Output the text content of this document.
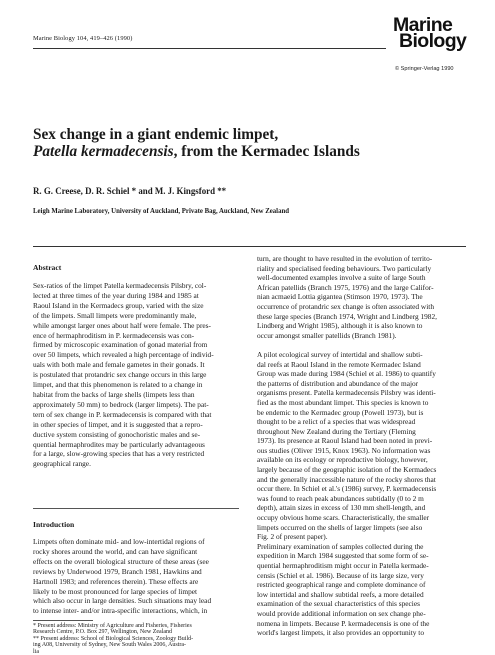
Marine Biology 104, 419–426 (1990)
Marine
Biology
© Springer-Verlag 1990
Sex change in a giant endemic limpet,
Patella kermadecensis, from the Kermadec Islands
R. G. Creese, D. R. Schiel * and M. J. Kingsford **
Leigh Marine Laboratory, University of Auckland, Private Bag, Auckland, New Zealand
Abstract
Sex-ratios of the limpet Patella kermadecensis Pilsbry, col-
lected at three times of the year during 1984 and 1985 at
Raoul Island in the Kermadecs group, varied with the size
of the limpets. Small limpets were predominantly male,
while amongst larger ones about half were female. The pres-
ence of hermaphroditism in P. kermadecensis was con-
firmed by microscopic examination of gonad material from
over 50 limpets, which revealed a high percentage of individ-
uals with both male and female gametes in their gonads. It
is postulated that protandric sex change occurs in this large
limpet, and that this phenomenon is related to a change in
habitat from the backs of large shells (limpets less than
approximately 50 mm) to bedrock (larger limpets). The pat-
tern of sex change in P. kermadecensis is compared with that
in other species of limpet, and it is suggested that a repro-
ductive system consisting of gonochoristic males and se-
quential hermaphrodites may be particularly advantageous
for a large, slow-growing species that has a very restricted
geographical range.
Introduction
Limpets often dominate mid- and low-intertidal regions of
rocky shores around the world, and can have significant
effects on the overall biological structure of these areas (see
reviews by Underwood 1979, Branch 1981, Hawkins and
Hartnoll 1983; and references therein). These effects are
likely to be most pronounced for large species of limpet
which also occur in large densities. Such situations may lead
to intense inter- and/or intra-specific interactions, which, in
* Present address: Ministry of Agriculture and Fisheries, Fisheries
Research Centre, P.O. Box 297, Wellington, New Zealand
** Present address: School of Biological Sciences, Zoology Build-
ing A08, University of Sydney, New South Wales 2006, Austra-
lia
turn, are thought to have resulted in the evolution of territo-
riality and specialised feeding behaviours. Two particularly
well-documented examples involve a suite of large South
African patellids (Branch 1975, 1976) and the large Califor-
nian acmaeid Lottia gigantea (Stimson 1970, 1973). The
occurrence of protandric sex change is often associated with
these large species (Branch 1974, Wright and Lindberg 1982,
Lindberg and Wright 1985), although it is also known to
occur amongst smaller patellids (Branch 1981).

A pilot ecological survey of intertidal and shallow subti-
dal reefs at Raoul Island in the remote Kermadec Island
Group was made during 1984 (Schiel et al. 1986) to quantify
the patterns of distribution and abundance of the major
organisms present. Patella kermadecensis Pilsbry was identi-
fied as the most abundant limpet. This species is known to
be endemic to the Kermadec group (Powell 1973), but is
thought to be a relict of a species that was widespread
throughout New Zealand during the Tertiary (Fleming
1973). Its presence at Raoul Island had been noted in previ-
ous studies (Oliver 1915, Knox 1963). No information was
available on its ecology or reproductive biology, however,
largely because of the geographic isolation of the Kermadecs
and the generally inaccessible nature of the rocky shores that
occur there. In Schiel et al.'s (1986) survey, P. kermadecensis
was found to reach peak abundances subtidally (0 to 2 m
depth), attain sizes in excess of 130 mm shell-length, and
occupy obvious home scars. Characteristically, the smaller
limpets occurred on the shells of larger limpets (see also
Fig. 2 of present paper).
Preliminary examination of samples collected during the
expedition in March 1984 suggested that some form of se-
quential hermaphroditism might occur in Patella kermade-
censis (Schiel et al. 1986). Because of its large size, very
restricted geographical range and complete dominance of
low intertidal and shallow subtidal reefs, a more detailed
examination of the sexual characteristics of this species
would provide additional information on sex change phe-
nomena in limpets. Because P. kermadecensis is one of the
world's largest limpets, it also provides an opportunity to
